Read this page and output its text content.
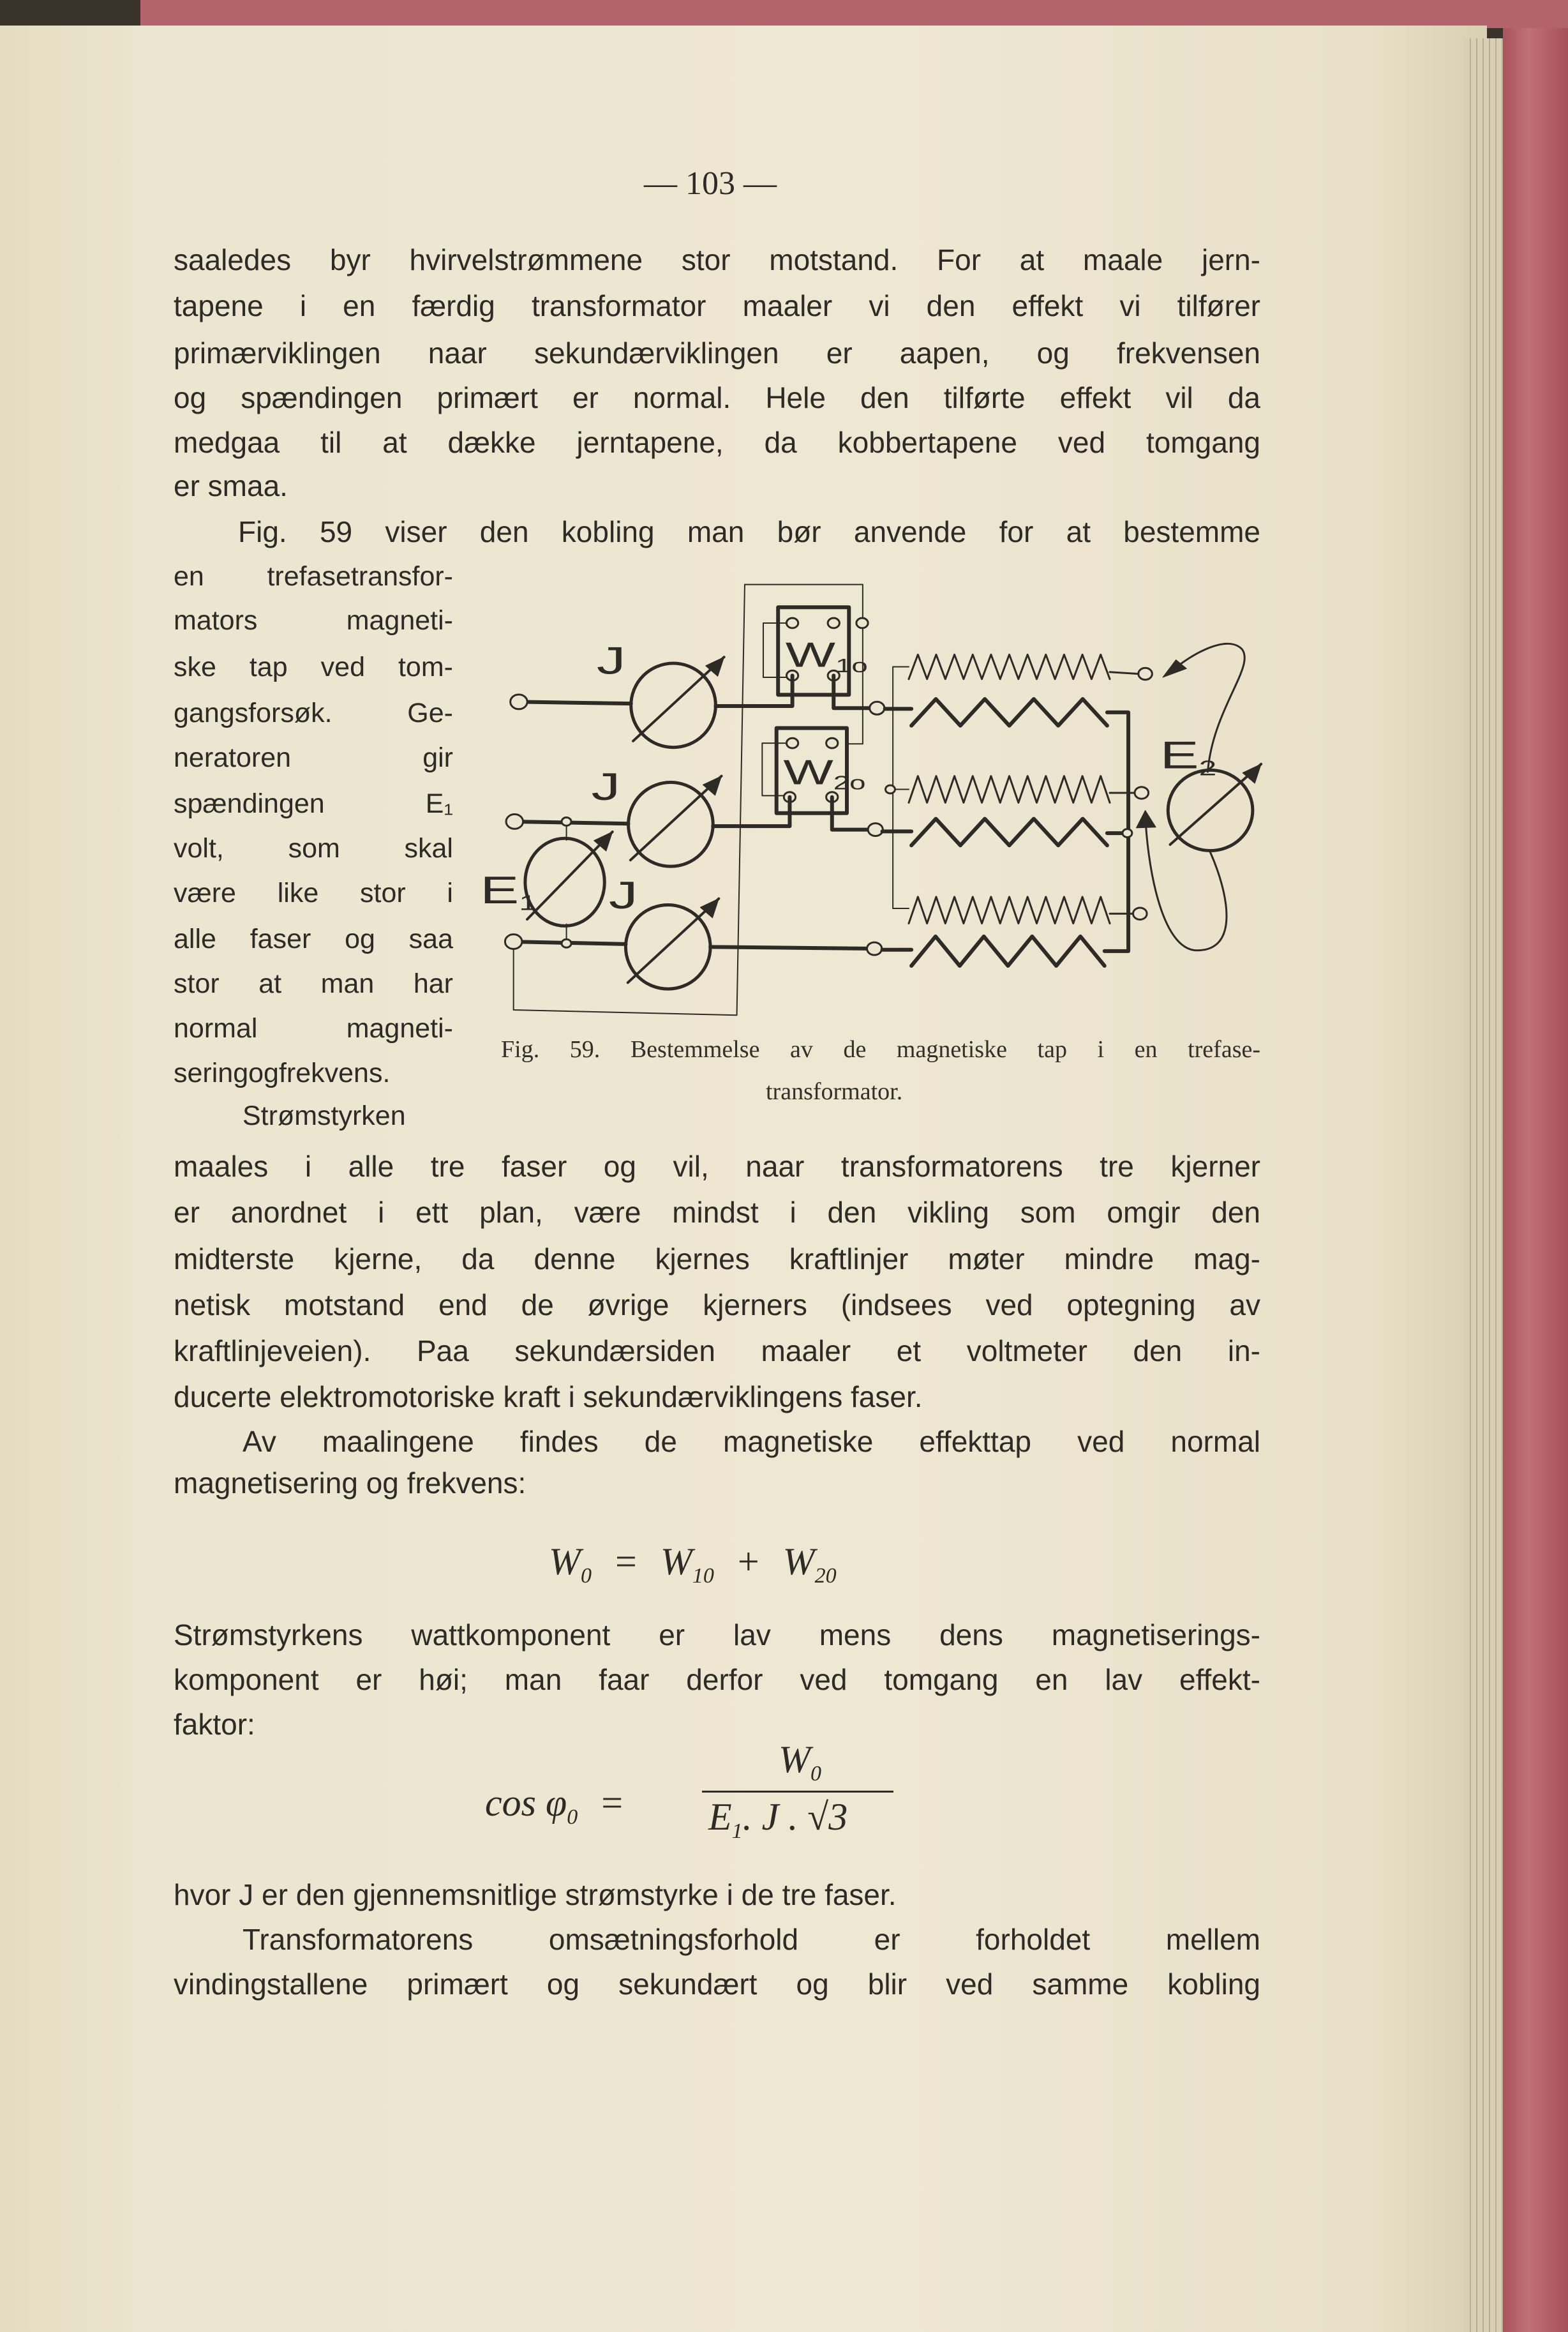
— 103 —
saaledes byr hvirvelstrømmene stor motstand. For at maale jern-
tapene i en færdig transformator maaler vi den effekt vi tilfører
primærviklingen naar sekundærviklingen er aapen, og frekvensen
og spændingen primært er normal. Hele den tilførte effekt vil da
medgaa til at dække jerntapene, da kobbertapene ved tomgang
er smaa.
Fig. 59 viser den kobling man bør anvende for at bestemme
en trefasetransfor-
mators magneti-
ske tap ved tom-
gangsforsøk. Ge-
neratoren gir
spændingen E₁
volt, som skal
være like stor i
alle faser og saa
stor at man har
normal magneti-
seringogfrekvens.
Strømstyrken
maales i alle tre faser og vil, naar transformatorens tre kjerner
er anordnet i ett plan, være mindst i den vikling som omgir den
midterste kjerne, da denne kjernes kraftlinjer møter mindre mag-
netisk motstand end de øvrige kjerners (indsees ved optegning av
kraftlinjeveien). Paa sekundærsiden maaler et voltmeter den in-
ducerte elektromotoriske kraft i sekundærviklingens faser.
Av maalingene findes de magnetiske effekttap ved normal
magnetisering og frekvens:
Strømstyrkens wattkomponent er lav mens dens magnetiserings-
komponent er høi; man faar derfor ved tomgang en lav effekt-
faktor:
hvor J er den gjennemsnitlige strømstyrke i de tre faser.
Transformatorens omsætningsforhold er forholdet mellem
vindingstallene primært og sekundært og blir ved samme kobling
$W_0 = W_{10} + W_{20}$
$\cos \varphi_0$ =
$W_0$
$E_1$. J . √3
J
J
J
E1
E2
W1o
W2o
Fig. 59. Bestemmelse av de magnetiske tap i en trefase-
transformator.
